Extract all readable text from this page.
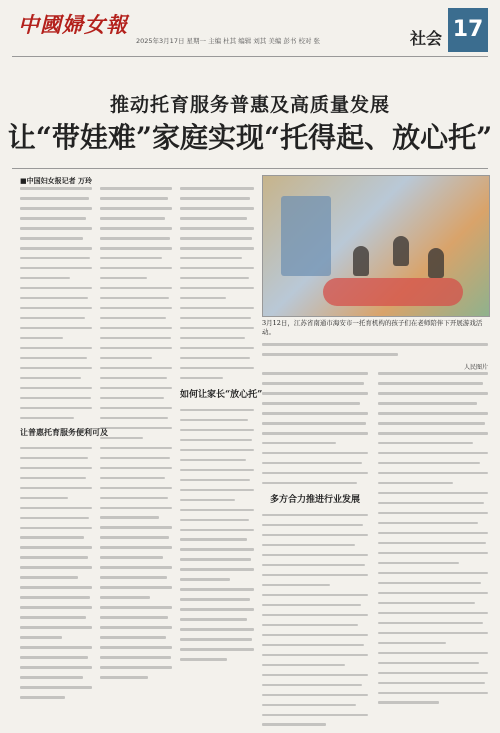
中國婦女報
2025年3月17日 星期一 主编 杜其 编辑 刘其 美编 彭书 校对 张	社会 17
推动托育服务普惠及高质量发展
让“带娃难”家庭实现“托得起、放心托”
■中国妇女报记者 万玲
让普惠托育服务便利可及
如何让家长“放心托”
3月12日，江苏省南通市海安市一托育机构的孩子们在老师陪伴下开展游戏活动。
人民图片
多方合力推进行业发展
